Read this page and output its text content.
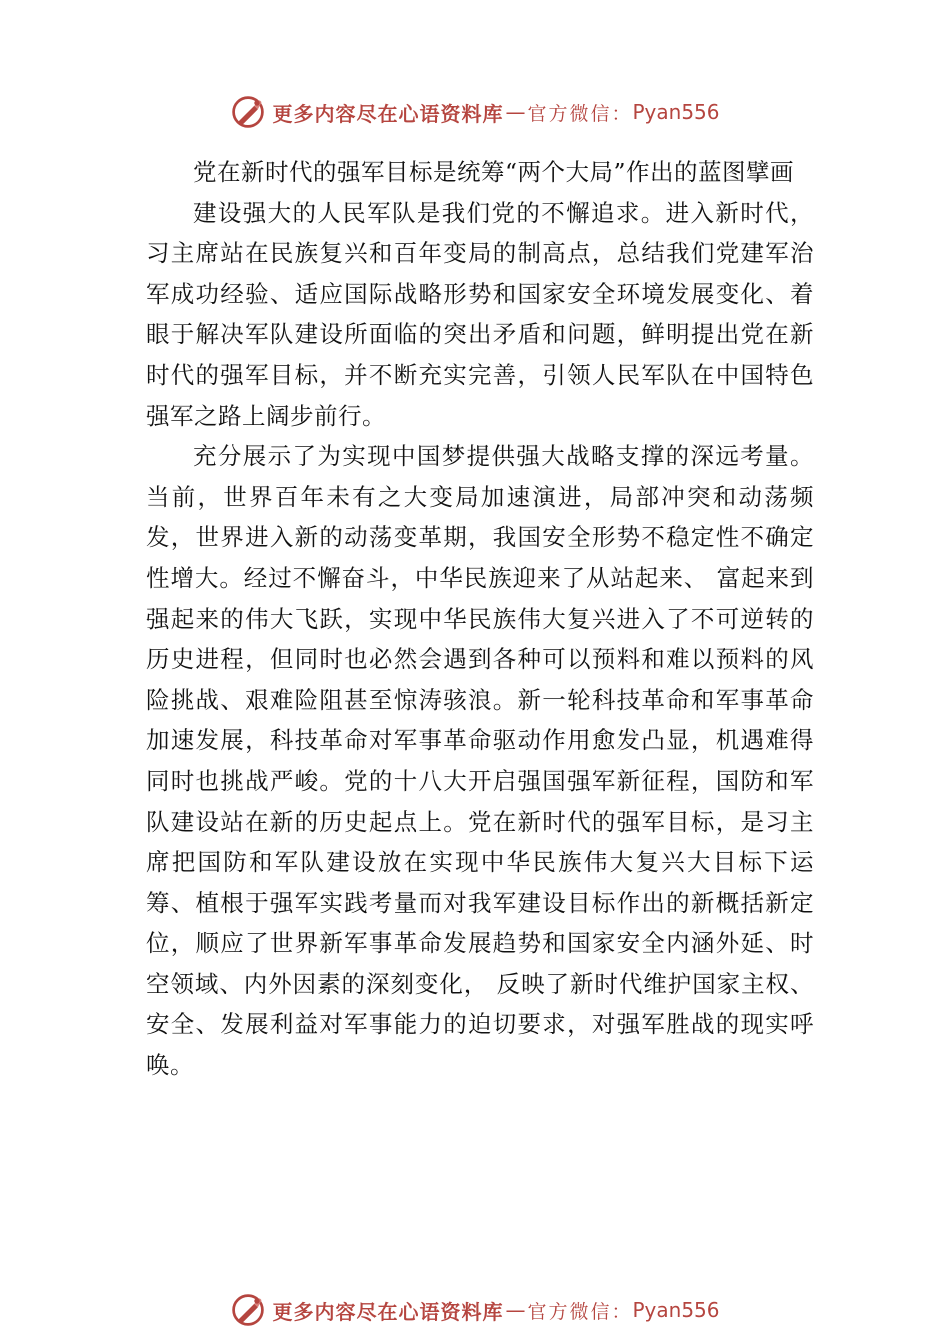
更多内容尽在心语资料库 — 官方微信： Pyan556

党在新时代的强军目标是统筹“两个大局”作出的蓝图擘画

建设强大的人民军队是我们党的不懈追求。进入新时代，习主席站在民族复兴和百年变局的制高点，总结我们党建军治军成功经验、适应国际战略形势和国家安全环境发展变化、着眼于解决军队建设所面临的突出矛盾和问题，鲜明提出党在新时代的强军目标，并不断充实完善，引领人民军队在中国特色强军之路上阔步前行。

充分展示了为实现中国梦提供强大战略支撑的深远考量。当前，世界百年未有之大变局加速演进，局部冲突和动荡频发，世界进入新的动荡变革期，我国安全形势不稳定性不确定性增大。经过不懈奋斗，中华民族迎来了从站起来、 富起来到强起来的伟大飞跃，实现中华民族伟大复兴进入了不可逆转的历史进程，但同时也必然会遇到各种可以预料和难以预料的风险挑战、艰难险阻甚至惊涛骇浪。新一轮科技革命和军事革命加速发展，科技革命对军事革命驱动作用愈发凸显，机遇难得同时也挑战严峻。党的十八大开启强国强军新征程，国防和军队建设站在新的历史起点上。党在新时代的强军目标，是习主席把国防和军队建设放在实现中华民族伟大复兴大目标下运筹、植根于强军实践考量而对我军建设目标作出的新概括新定位，顺应了世界新军事革命发展趋势和国家安全内涵外延、时空领域、内外因素的深刻变化， 反映了新时代维护国家主权、安全、发展利益对军事能力的迫切要求，对强军胜战的现实呼唤。

更多内容尽在心语资料库 — 官方微信： Pyan556
